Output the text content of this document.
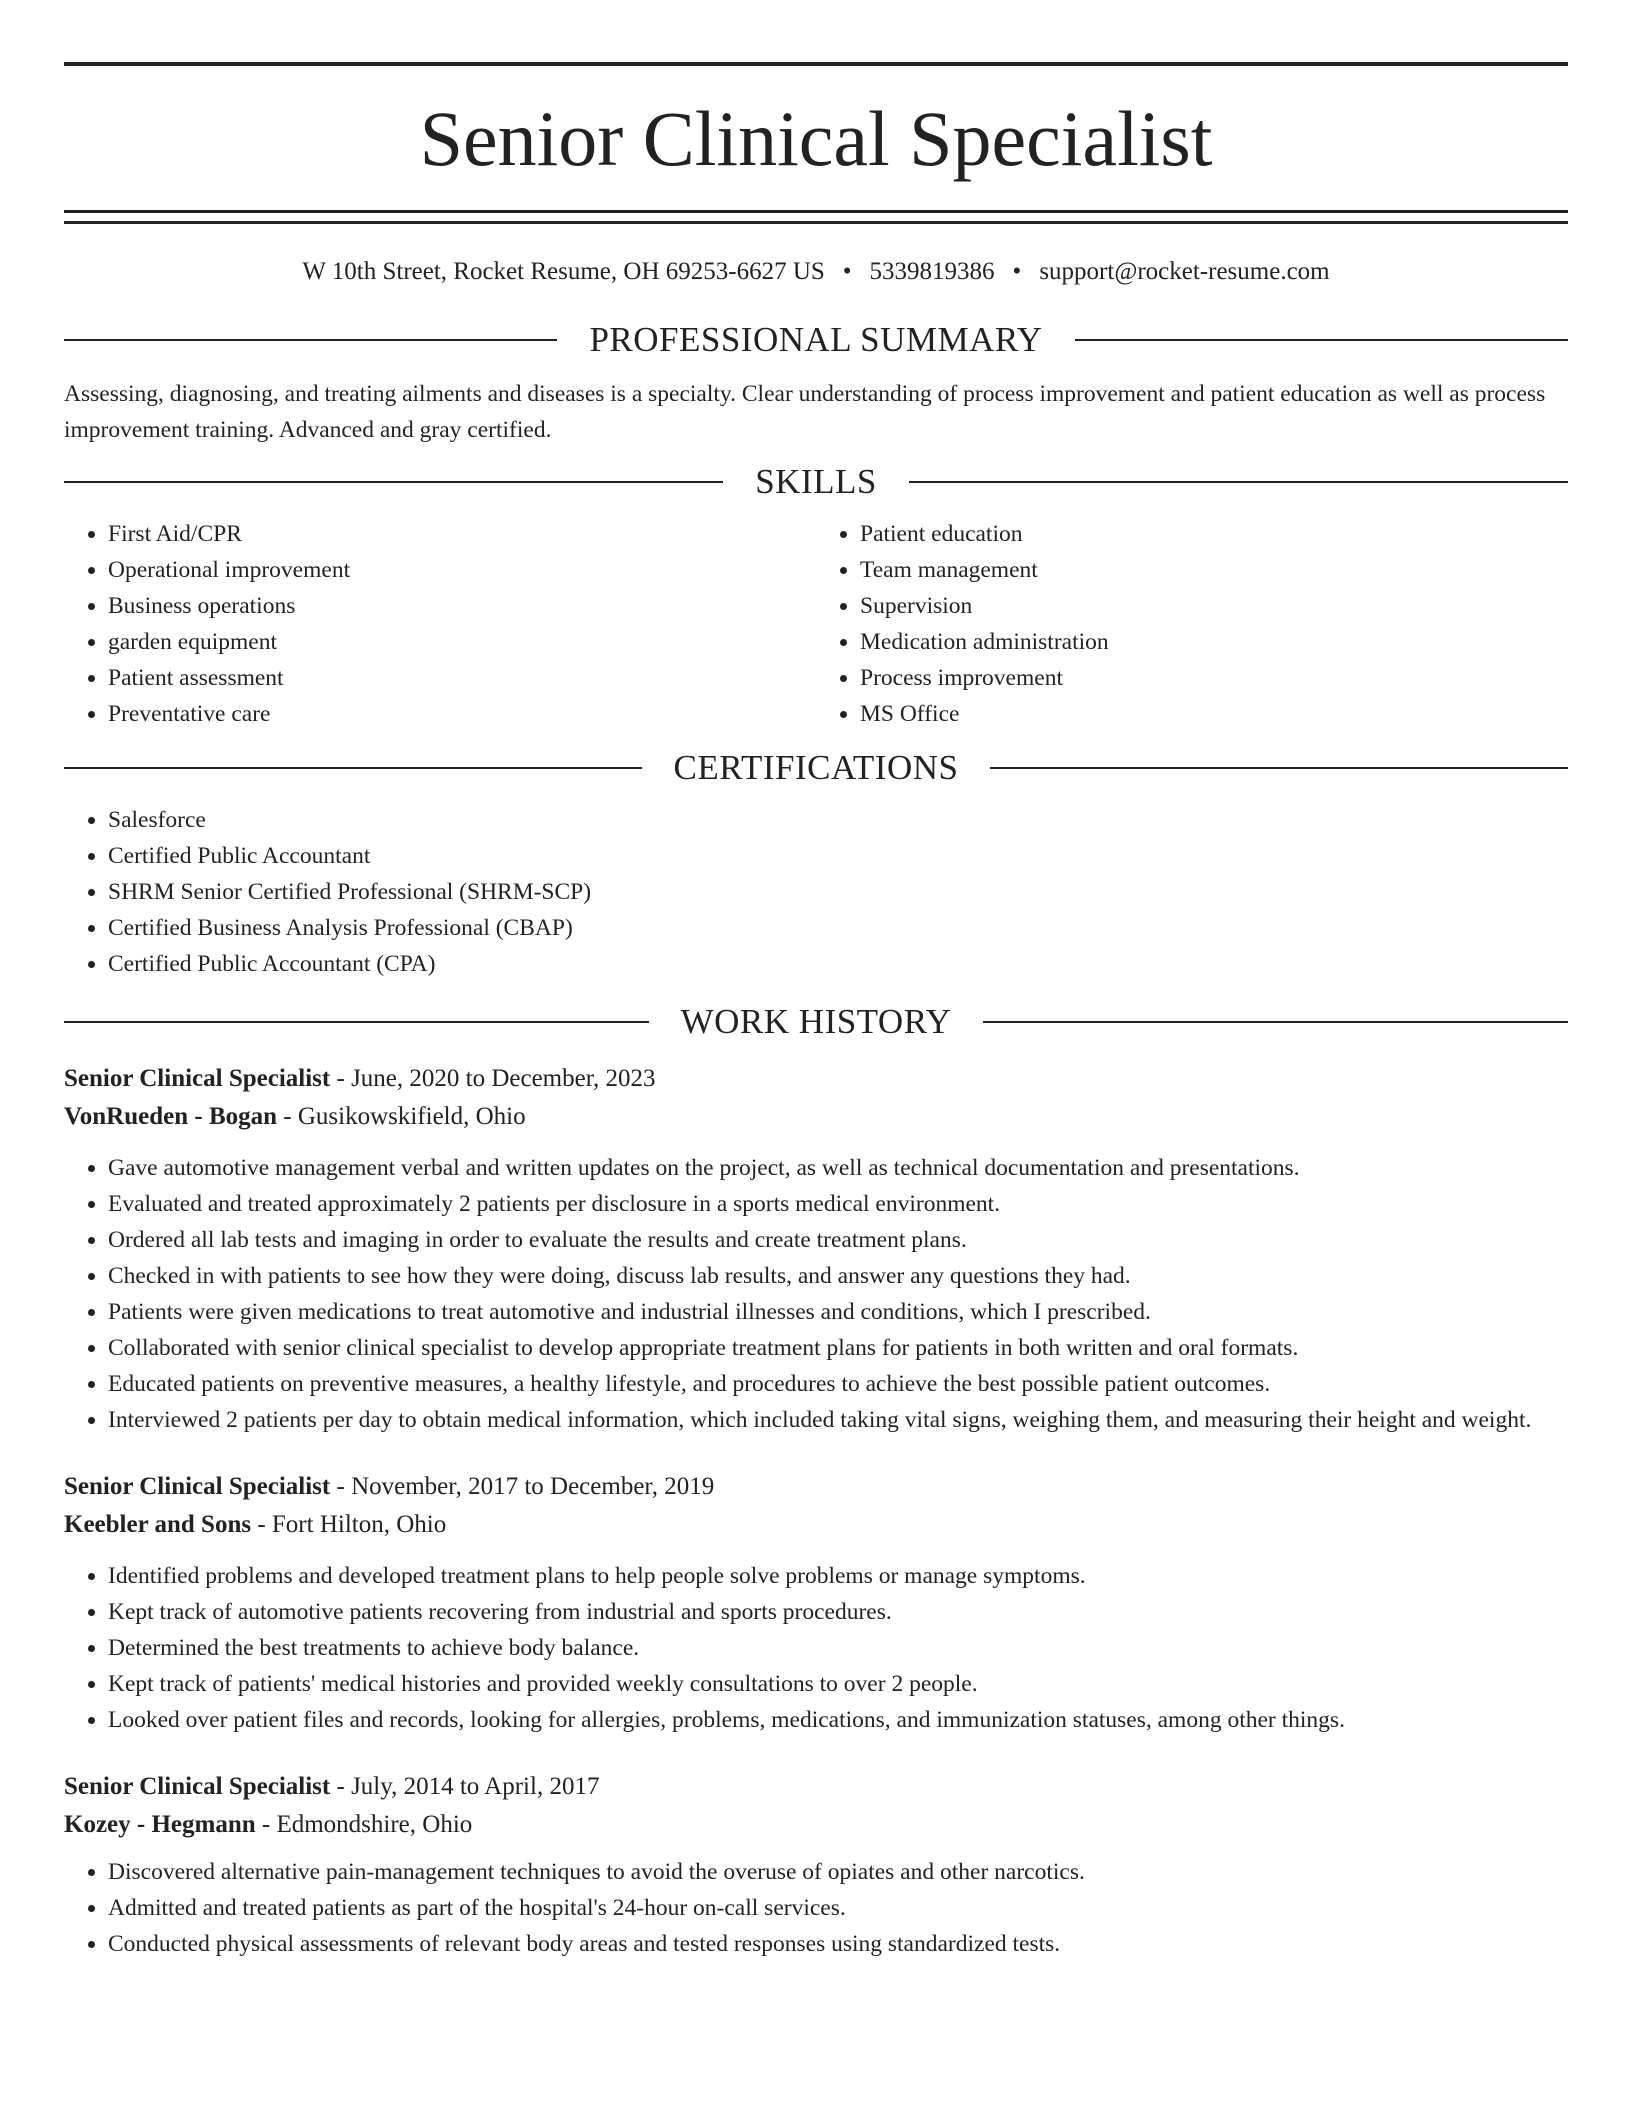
Senior Clinical Specialist
W 10th Street, Rocket Resume, OH 69253-6627 US • 5339819386 • support@rocket-resume.com
PROFESSIONAL SUMMARY

Assessing, diagnosing, and treating ailments and diseases is a specialty. Clear understanding of process improvement and patient education as well as process improvement training. Advanced and gray certified.

SKILLS
• First Aid/CPR
• Operational improvement
• Business operations
• garden equipment
• Patient assessment
• Preventative care
• Patient education
• Team management
• Supervision
• Medication administration
• Process improvement
• MS Office
CERTIFICATIONS
• Salesforce
• Certified Public Accountant
• SHRM Senior Certified Professional (SHRM-SCP)
• Certified Business Analysis Professional (CBAP)
• Certified Public Accountant (CPA)
WORK HISTORY
Senior Clinical Specialist - June, 2020 to December, 2023
VonRueden - Bogan - Gusikowskifield, Ohio
• Gave automotive management verbal and written updates on the project, as well as technical documentation and presentations.
• Evaluated and treated approximately 2 patients per disclosure in a sports medical environment.
• Ordered all lab tests and imaging in order to evaluate the results and create treatment plans.
• Checked in with patients to see how they were doing, discuss lab results, and answer any questions they had.
• Patients were given medications to treat automotive and industrial illnesses and conditions, which I prescribed.
• Collaborated with senior clinical specialist to develop appropriate treatment plans for patients in both written and oral formats.
• Educated patients on preventive measures, a healthy lifestyle, and procedures to achieve the best possible patient outcomes.
• Interviewed 2 patients per day to obtain medical information, which included taking vital signs, weighing them, and measuring their height and weight.
Senior Clinical Specialist - November, 2017 to December, 2019
Keebler and Sons - Fort Hilton, Ohio
• Identified problems and developed treatment plans to help people solve problems or manage symptoms.
• Kept track of automotive patients recovering from industrial and sports procedures.
• Determined the best treatments to achieve body balance.
• Kept track of patients' medical histories and provided weekly consultations to over 2 people.
• Looked over patient files and records, looking for allergies, problems, medications, and immunization statuses, among other things.
Senior Clinical Specialist - July, 2014 to April, 2017
Kozey - Hegmann - Edmondshire, Ohio
• Discovered alternative pain-management techniques to avoid the overuse of opiates and other narcotics.
• Admitted and treated patients as part of the hospital's 24-hour on-call services.
• Conducted physical assessments of relevant body areas and tested responses using standardized tests.
